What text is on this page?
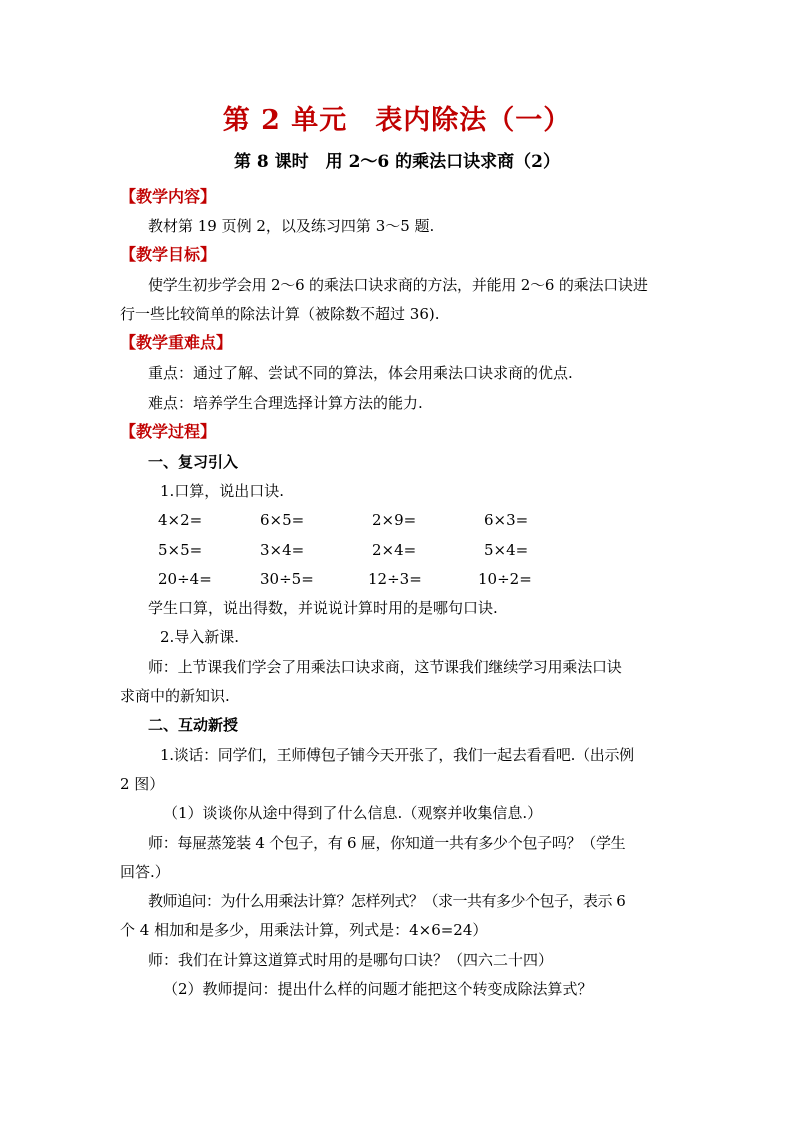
第 2 单元　表内除法（一）
第 8 课时　用 2～6 的乘法口诀求商（2）
【教学内容】
教材第 19 页例 2，以及练习四第 3～5 题.
【教学目标】
使学生初步学会用 2～6 的乘法口诀求商的方法，并能用 2～6 的乘法口诀进
行一些比较简单的除法计算（被除数不超过 36).
【教学重难点】
重点：通过了解、尝试不同的算法，体会用乘法口诀求商的优点.
难点：培养学生合理选择计算方法的能力.
【教学过程】
一、复习引入
1.口算，说出口诀.
4×2=	6×5=	2×9=	6×3=
5×5=	3×4=	2×4=	5×4=
20÷4=	30÷5=	12÷3=	10÷2=
学生口算，说出得数，并说说计算时用的是哪句口诀.
2.导入新课.
师：上节课我们学会了用乘法口诀求商，这节课我们继续学习用乘法口诀
求商中的新知识.
二、互动新授
1.谈话：同学们，王师傅包子铺今天开张了，我们一起去看看吧.（出示例
2 图）
（1）谈谈你从途中得到了什么信息.（观察并收集信息.）
师：每屉蒸笼装 4 个包子，有 6 屉，你知道一共有多少个包子吗？（学生
回答.）
教师追问：为什么用乘法计算？怎样列式？（求一共有多少个包子，表示 6
个 4 相加和是多少，用乘法计算，列式是：4×6=24）
师：我们在计算这道算式时用的是哪句口诀？（四六二十四）
（2）教师提问：提出什么样的问题才能把这个转变成除法算式？
